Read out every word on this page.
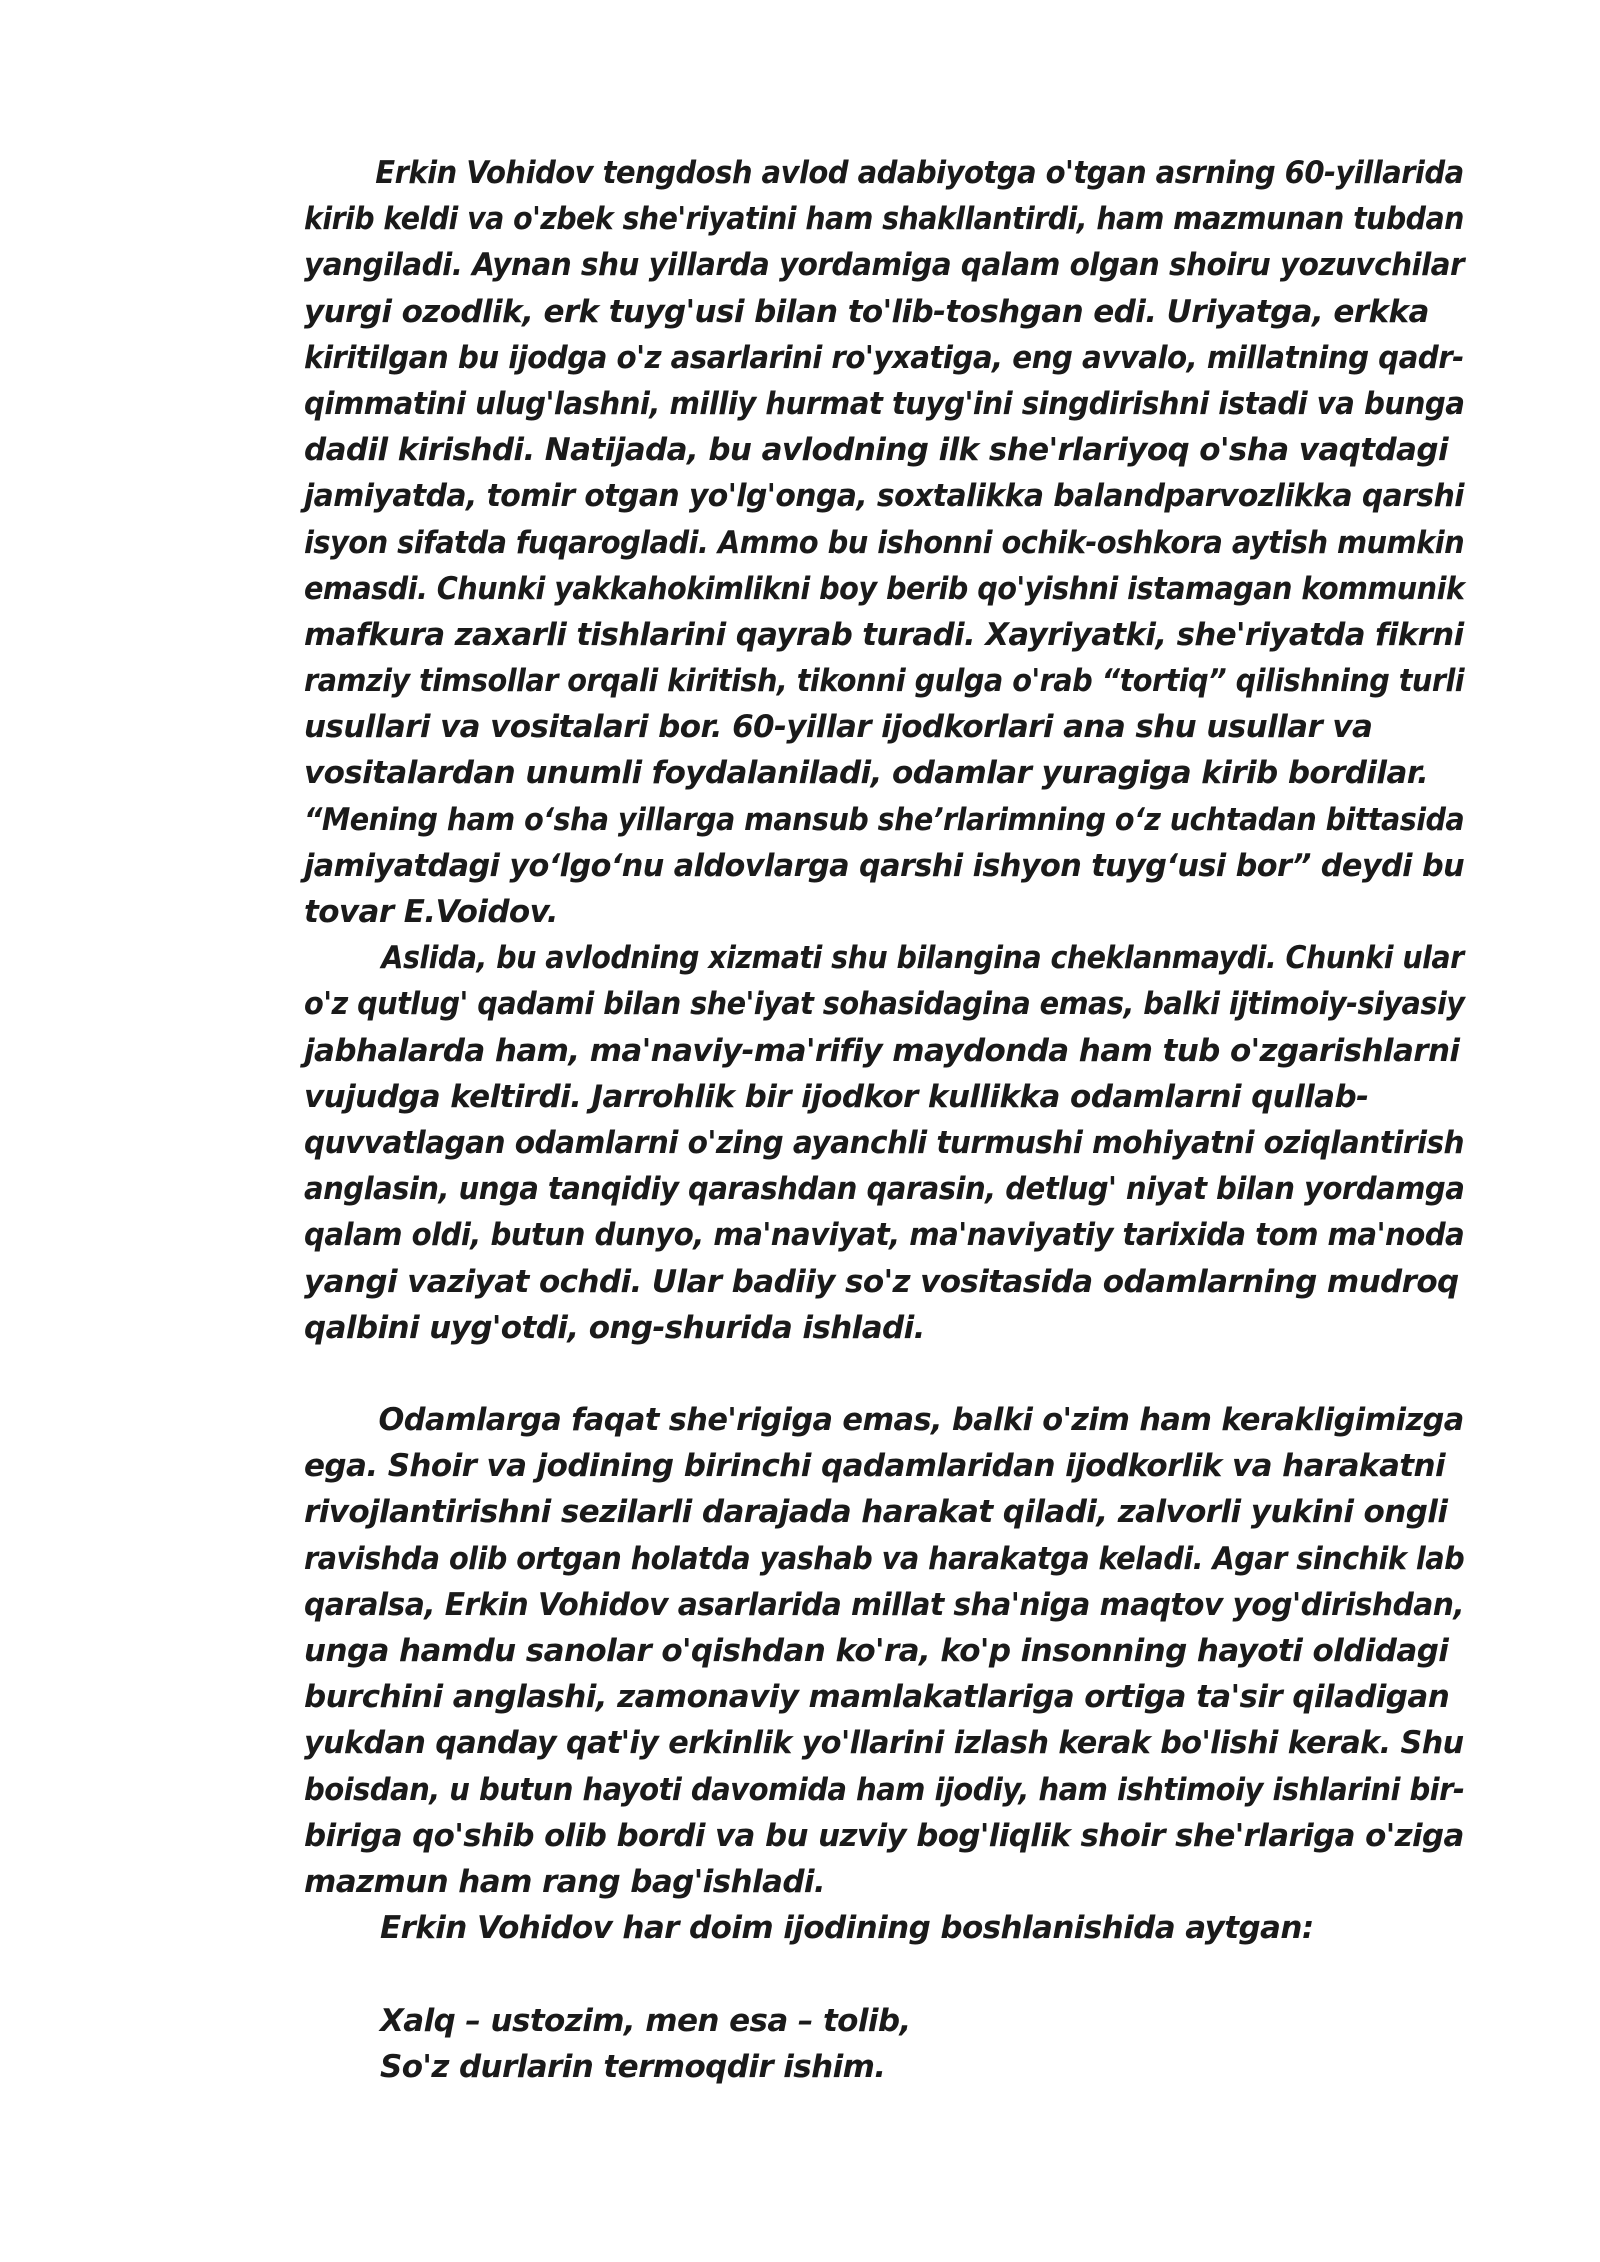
Erkin Vohidov tengdosh avlod adabiyotga o'tgan asrning 60-yillarida
kirib keldi va o'zbek she'riyatini ham shakllantirdi, ham mazmunan tubdan
yangiladi. Aynan shu yillarda yordamiga qalam olgan shoiru yozuvchilar
yurgi ozodlik, erk tuyg'usi bilan to'lib-toshgan edi. Uriyatga, erkka
kiritilgan bu ijodga o'z asarlarini ro'yxatiga, eng avvalo, millatning qadr-
qimmatini ulug'lashni, milliy hurmat tuyg'ini singdirishni istadi va bunga
dadil kirishdi. Natijada, bu avlodning ilk she'rlariyoq o'sha vaqtdagi
jamiyatda, tomir otgan yo'lg'onga, soxtalikka balandparvozlikka qarshi
isyon sifatda fuqarogladi. Ammo bu ishonni ochik-oshkora aytish mumkin
emasdi. Chunki yakkahokimlikni boy berib qo'yishni istamagan kommunik
mafkura zaxarli tishlarini qayrab turadi. Xayriyatki, she'riyatda fikrni
ramziy timsollar orqali kiritish, tikonni gulga o'rab “tortiq” qilishning turli
usullari va vositalari bor. 60-yillar ijodkorlari ana shu usullar va
vositalardan unumli foydalaniladi, odamlar yuragiga kirib bordilar.
“Mening ham o‘sha yillarga mansub she’rlarimning o‘z uchtadan bittasida
jamiyatdagi yo‘lgo‘nu aldovlarga qarshi ishyon tuyg‘usi bor” deydi bu
tovar E.Voidov.
Aslida, bu avlodning xizmati shu bilangina cheklanmaydi. Chunki ular
o'z qutlug' qadami bilan she'iyat sohasidagina emas, balki ijtimoiy-siyasiy
jabhalarda ham, ma'naviy-ma'rifiy maydonda ham tub o'zgarishlarni
vujudga keltirdi. Jarrohlik bir ijodkor kullikka odamlarni qullab-
quvvatlagan odamlarni o'zing ayanchli turmushi mohiyatni oziqlantirish
anglasin, unga tanqidiy qarashdan qarasin, detlug' niyat bilan yordamga
qalam oldi, butun dunyo, ma'naviyat, ma'naviyatiy tarixida tom ma'noda
yangi vaziyat ochdi. Ular badiiy so'z vositasida odamlarning mudroq
qalbini uyg'otdi, ong-shurida ishladi.
Odamlarga faqat she'rigiga emas, balki o'zim ham kerakligimizga
ega. Shoir va jodining birinchi qadamlaridan ijodkorlik va harakatni
rivojlantirishni sezilarli darajada harakat qiladi, zalvorli yukini ongli
ravishda olib ortgan holatda yashab va harakatga keladi. Agar sinchik lab
qaralsa, Erkin Vohidov asarlarida millat sha'niga maqtov yog'dirishdan,
unga hamdu sanolar o'qishdan ko'ra, ko'p insonning hayoti oldidagi
burchini anglashi, zamonaviy mamlakatlariga ortiga ta'sir qiladigan
yukdan qanday qat'iy erkinlik yo'llarini izlash kerak bo'lishi kerak. Shu
boisdan, u butun hayoti davomida ham ijodiy, ham ishtimoiy ishlarini bir-
biriga qo'shib olib bordi va bu uzviy bog'liqlik shoir she'rlariga o'ziga
mazmun ham rang bag'ishladi.
Erkin Vohidov har doim ijodining boshlanishida aytgan:
Xalq – ustozim, men esa – tolib,
So'z durlarin termoqdir ishim.
